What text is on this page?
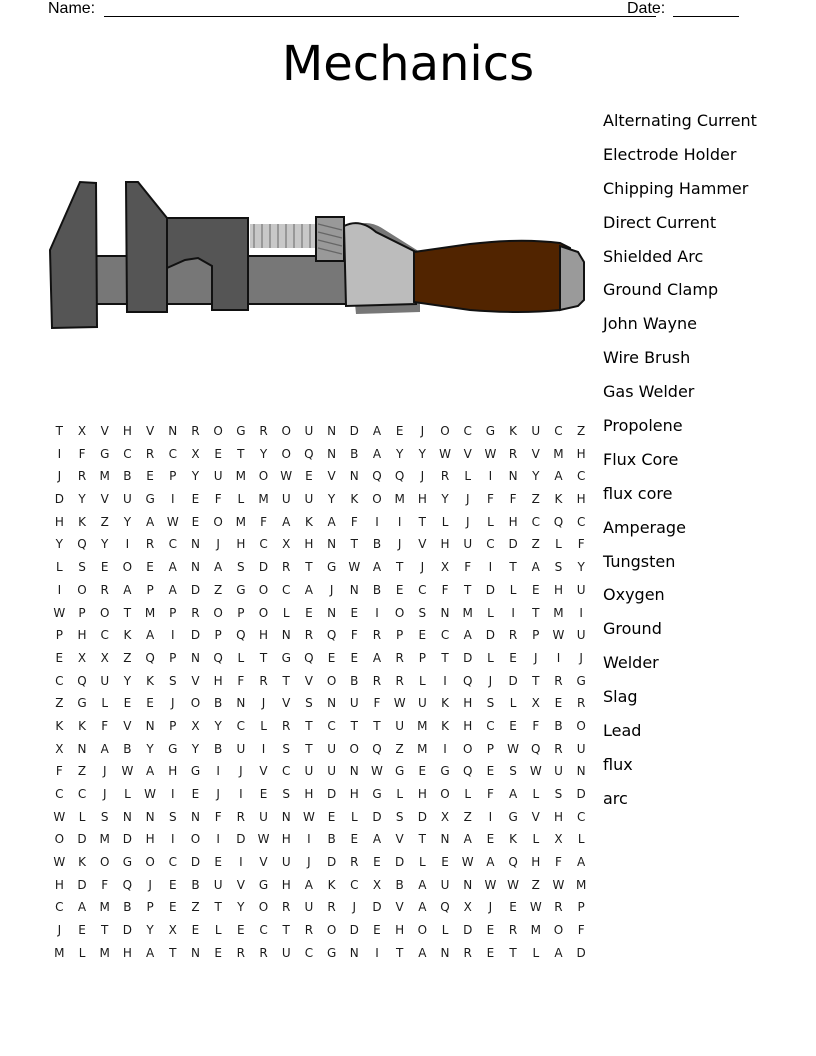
Name:	Date:
Mechanics
T	X	V	H	V	N	R	O	G	R	O	U	N	D	A	E	J	O	C	G	K	U	C	Z
I	F	G	C	R	C	X	E	T	Y	O	Q	N	B	A	Y	Y	W	V	W	R	V	M	H
J	R	M	B	E	P	Y	U	M	O	W	E	V	N	Q	Q	J	R	L	I	N	Y	A	C
D	Y	V	U	G	I	E	F	L	M	U	U	Y	K	O	M	H	Y	J	F	F	Z	K	H
H	K	Z	Y	A	W	E	O	M	F	A	K	A	F	I	I	T	L	J	L	H	C	Q	C
Y	Q	Y	I	R	C	N	J	H	C	X	H	N	T	B	J	V	H	U	C	D	Z	L	F
L	S	E	O	E	A	N	A	S	D	R	T	G	W	A	T	J	X	F	I	T	A	S	Y
I	O	R	A	P	A	D	Z	G	O	C	A	J	N	B	E	C	F	T	D	L	E	H	U
W	P	O	T	M	P	R	O	P	O	L	E	N	E	I	O	S	N	M	L	I	T	M	I
P	H	C	K	A	I	D	P	Q	H	N	R	Q	F	R	P	E	C	A	D	R	P	W	U
E	X	X	Z	Q	P	N	Q	L	T	G	Q	E	E	A	R	P	T	D	L	E	J	I	J
C	Q	U	Y	K	S	V	H	F	R	T	V	O	B	R	R	L	I	Q	J	D	T	R	G
Z	G	L	E	E	J	O	B	N	J	V	S	N	U	F	W	U	K	H	S	L	X	E	R
K	K	F	V	N	P	X	Y	C	L	R	T	C	T	T	U	M	K	H	C	E	F	B	O
X	N	A	B	Y	G	Y	B	U	I	S	T	U	O	Q	Z	M	I	O	P	W	Q	R	U
F	Z	J	W	A	H	G	I	J	V	C	U	U	N	W	G	E	G	Q	E	S	W	U	N
C	C	J	L	W	I	E	J	I	E	S	H	D	H	G	L	H	O	L	F	A	L	S	D
W	L	S	N	N	S	N	F	R	U	N	W	E	L	D	S	D	X	Z	I	G	V	H	C
O	D	M	D	H	I	O	I	D	W	H	I	B	E	A	V	T	N	A	E	K	L	X	L
W	K	O	G	O	C	D	E	I	V	U	J	D	R	E	D	L	E	W	A	Q	H	F	A
H	D	F	Q	J	E	B	U	V	G	H	A	K	C	X	B	A	U	N	W W	Z	W M
C	A	M	B	P	E	Z	T	Y	O	R	U	R	J	D	V	A	Q	X	J	E	W	R	P
J	E	T	D	Y	X	E	L	E	C	T	R	O	D	E	H	O	L	D	E	R	M	O	F
M	L	M	H	A	T	N	E	R	R	U	C	G	N	I	T	A	N	R	E	T	L	A	D
Alternating Current
Electrode Holder
Chipping Hammer
Direct Current
Shielded Arc
Ground Clamp
John Wayne
Wire Brush
Gas Welder
Propolene
Flux Core
flux core
Amperage
Tungsten
Oxygen
Ground
Welder
Slag
Lead
flux
arc
